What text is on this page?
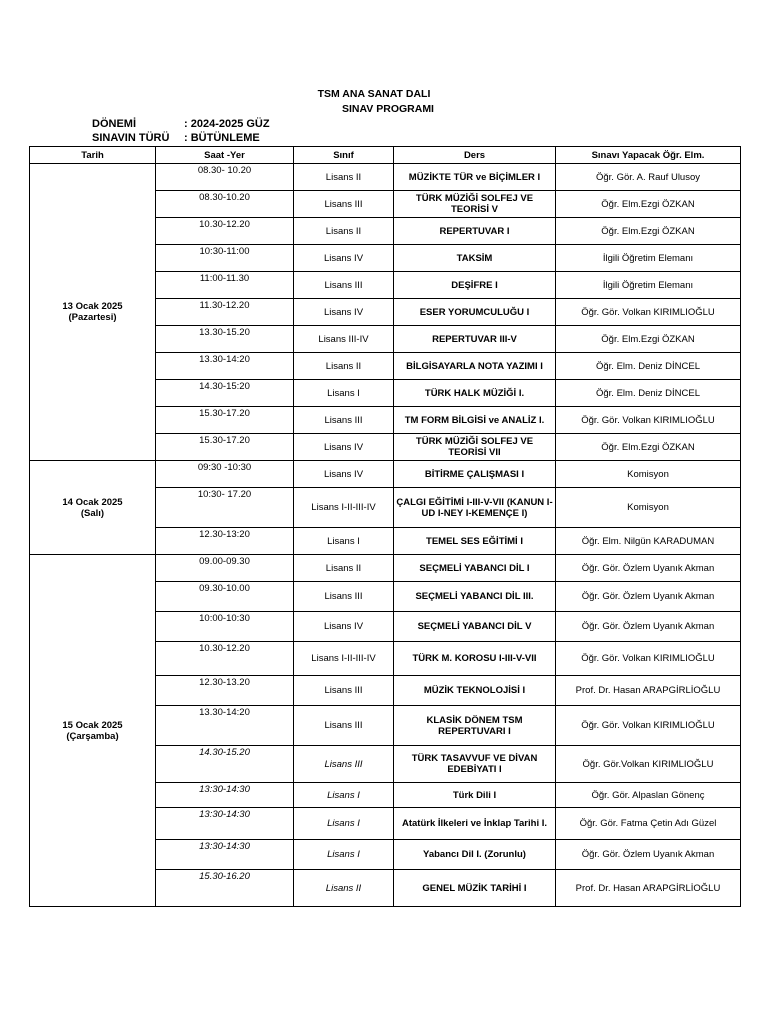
TSM ANA SANAT DALI
SINAV PROGRAMI
DÖNEMİ	: 2024-2025 GÜZ
SINAVIN TÜRÜ : BÜTÜNLEME
Tarih	Saat -Yer	Sınıf	Ders	Sınavı Yapacak Öğr. Elm.

13 Ocak 2025
(Pazartesi)	08.30- 10.20	Lisans II	MÜZİKTE TÜR ve BİÇİMLER I	Öğr. Gör. A. Rauf Ulusoy
	08.30-10.20	Lisans III	TÜRK MÜZİĞİ SOLFEJ VE TEORİSİ V	Öğr. Elm.Ezgi ÖZKAN
	10.30-12.20	Lisans II	REPERTUVAR I	Öğr. Elm.Ezgi ÖZKAN
	10:30-11:00	Lisans IV	TAKSİM	İlgili Öğretim Elemanı
	11:00-11.30	Lisans III	DEŞİFRE I	İlgili Öğretim Elemanı
	11.30-12.20	Lisans IV	ESER YORUMCULUĞU I	Öğr. Gör. Volkan KIRIMLIOĞLU
	13.30-15.20	Lisans III-IV	REPERTUVAR III-V	Öğr. Elm.Ezgi ÖZKAN
	13.30-14:20	Lisans II	BİLGİSAYARLA NOTA YAZIMI I	Öğr. Elm. Deniz DİNCEL
	14.30-15:20	Lisans I	TÜRK HALK MÜZİĞİ I.	Öğr. Elm. Deniz DİNCEL
	15.30-17.20	Lisans III	TM FORM BİLGİSİ ve ANALİZ I.	Öğr. Gör. Volkan KIRIMLIOĞLU
	15.30-17.20	Lisans IV	TÜRK MÜZİĞİ SOLFEJ VE TEORİSİ VII	Öğr. Elm.Ezgi ÖZKAN

14 Ocak 2025
(Salı)	09:30 -10:30	Lisans IV	BİTİRME ÇALIŞMASI I	Komisyon
	10:30- 17.20	Lisans I-II-III-IV	ÇALGI EĞİTİMİ I-III-V-VII (KANUN I-UD I-NEY I-KEMENÇE I)	Komisyon
	12.30-13:20	Lisans I	TEMEL SES EĞİTİMİ I	Öğr. Elm. Nilgün KARADUMAN

15 Ocak 2025
(Çarşamba)	09.00-09.30	Lisans II	SEÇMELİ YABANCI DİL I	Öğr. Gör. Özlem Uyanık Akman
	09.30-10.00	Lisans III	SEÇMELİ YABANCI DİL III.	Öğr. Gör. Özlem Uyanık Akman
	10:00-10:30	Lisans IV	SEÇMELİ YABANCI DİL V	Öğr. Gör. Özlem Uyanık Akman
	10.30-12.20	Lisans I-II-III-IV	TÜRK M. KOROSU I-III-V-VII	Öğr. Gör. Volkan KIRIMLIOĞLU
	12.30-13.20	Lisans III	MÜZİK TEKNOLOJİSİ I	Prof. Dr. Hasan ARAPGİRLİOĞLU
	13.30-14:20	Lisans III	KLASİK DÖNEM TSM REPERTUVARI I	Öğr. Gör. Volkan KIRIMLIOĞLU
	14.30-15.20	Lisans III	TÜRK TASAVVUF VE DİVAN EDEBİYATI I	Öğr. Gör.Volkan KIRIMLIOĞLU
	13:30-14:30	Lisans I	Türk Dili I	Öğr. Gör. Alpaslan Gönenç
	13:30-14:30	Lisans I	Atatürk İlkeleri ve İnklap Tarihi I.	Öğr. Gör. Fatma Çetin Adı Güzel
	13:30-14:30	Lisans I	Yabancı Dil I. (Zorunlu)	Öğr. Gör. Özlem Uyanık Akman
	15.30-16.20	Lisans II	GENEL MÜZİK TARİHİ I	Prof. Dr. Hasan ARAPGİRLİOĞLU
